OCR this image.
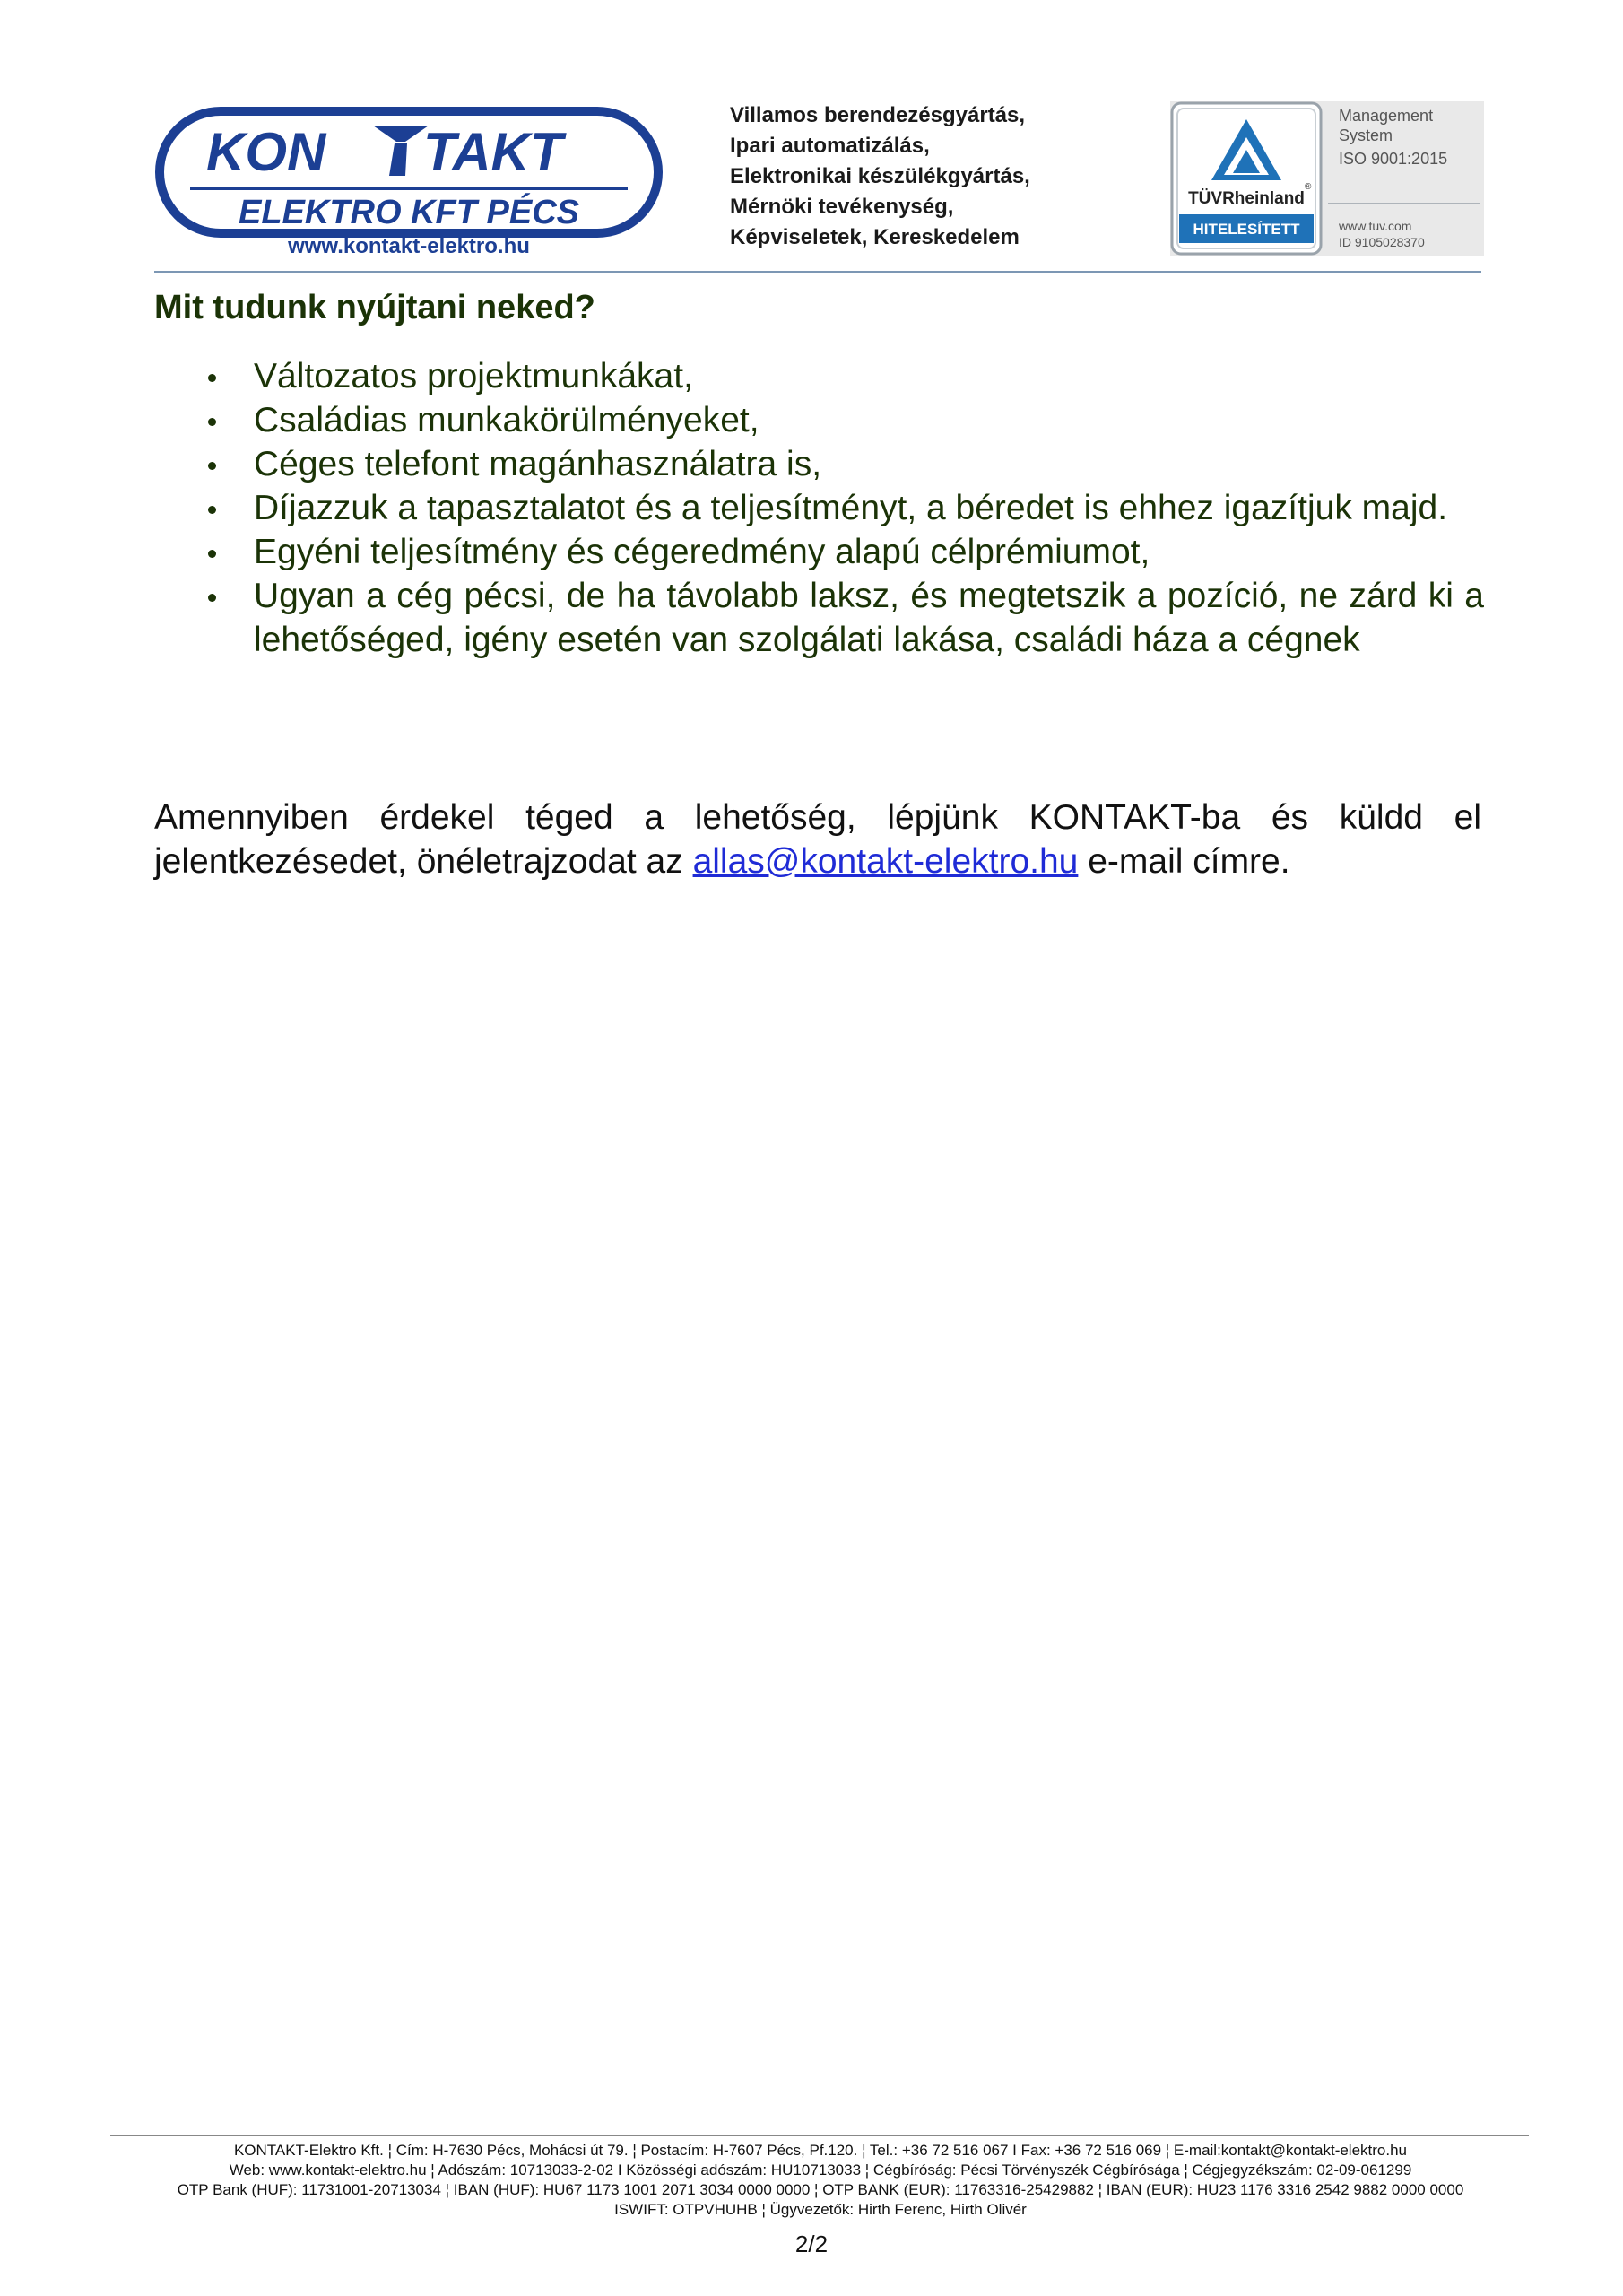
KON TAKT
ELEKTRO KFT PÉCS
www.kontakt-elektro.hu
Villamos berendezésgyártás,
Ipari automatizálás,
Elektronikai készülékgyártás,
Mérnöki tevékenység,
Képviseletek, Kereskedelem
®
TÜVRheinland
HITELESÍTETT
Management
System
ISO 9001:2015
www.tuv.com
ID 9105028370
Mit tudunk nyújtani neked?
Változatos projektmunkákat,
Családias munkakörülményeket,
Céges telefont magánhasználatra is,
Díjazzuk a tapasztalatot és a teljesítményt, a béredet is ehhez igazítjuk majd.
Egyéni teljesítmény és cégeredmény alapú célprémiumot,
Ugyan a cég pécsi, de ha távolabb laksz, és megtetszik a pozíció, ne zárd ki a lehetőséged, igény esetén van szolgálati lakása, családi háza a cégnek
Amennyiben érdekel téged a lehetőség, lépjünk KONTAKT-ba és küldd el jelentkezésedet, önéletrajzodat az allas@kontakt-elektro.hu e-mail címre.
KONTAKT-Elektro Kft. ¦ Cím: H-7630 Pécs, Mohácsi út 79. ¦ Postacím: H-7607 Pécs, Pf.120. ¦ Tel.: +36 72 516 067 I Fax: +36 72 516 069 ¦ E-mail:kontakt@kontakt-elektro.hu
Web: www.kontakt-elektro.hu ¦ Adószám: 10713033-2-02 I Közösségi adószám: HU10713033 ¦ Cégbíróság: Pécsi Törvényszék Cégbírósága ¦ Cégjegyzékszám: 02-09-061299
OTP Bank (HUF): 11731001-20713034 ¦ IBAN (HUF): HU67 1173 1001 2071 3034 0000 0000 ¦ OTP BANK (EUR): 11763316-25429882 ¦ IBAN (EUR): HU23 1176 3316 2542 9882 0000 0000
ISWIFT: OTPVHUHB ¦ Ügyvezetők: Hirth Ferenc, Hirth Olivér
2/2
